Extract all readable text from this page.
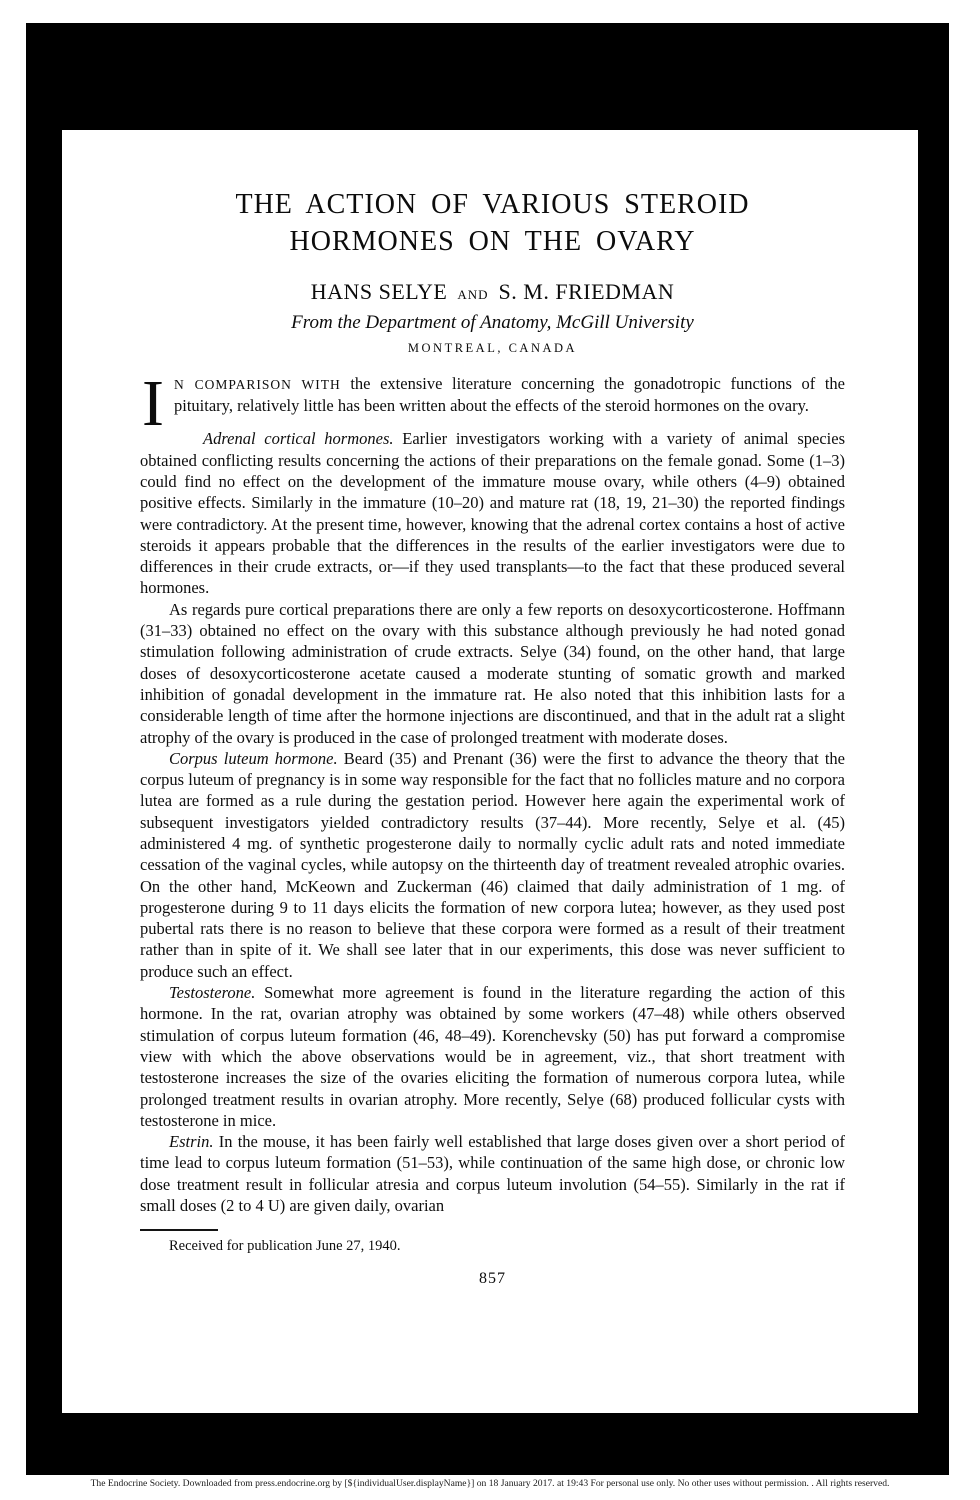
THE ACTION OF VARIOUS STEROID
HORMONES ON THE OVARY
HANS SELYE AND S. M. FRIEDMAN
From the Department of Anatomy, McGill University
MONTREAL, CANADA

I N COMPARISON WITH the extensive literature concerning the gonadotropic functions of the pituitary, relatively little has been written about the effects of the steroid hormones on the ovary.

Adrenal cortical hormones. Earlier investigators working with a variety of animal species obtained conflicting results concerning the actions of their preparations on the female gonad. Some (1–3) could find no effect on the development of the immature mouse ovary, while others (4–9) obtained positive effects. Similarly in the immature (10–20) and mature rat (18, 19, 21–30) the reported findings were contradictory. At the present time, however, knowing that the adrenal cortex contains a host of active steroids it appears probable that the differences in the results of the earlier investigators were due to differences in their crude extracts, or—if they used transplants—to the fact that these produced several hormones.

As regards pure cortical preparations there are only a few reports on desoxycorticosterone. Hoffmann (31–33) obtained no effect on the ovary with this substance although previously he had noted gonad stimulation following administration of crude extracts. Selye (34) found, on the other hand, that large doses of desoxycorticosterone acetate caused a moderate stunting of somatic growth and marked inhibition of gonadal development in the immature rat. He also noted that this inhibition lasts for a considerable length of time after the hormone injections are discontinued, and that in the adult rat a slight atrophy of the ovary is produced in the case of prolonged treatment with moderate doses.

Corpus luteum hormone. Beard (35) and Prenant (36) were the first to advance the theory that the corpus luteum of pregnancy is in some way responsible for the fact that no follicles mature and no corpora lutea are formed as a rule during the gestation period. However here again the experimental work of subsequent investigators yielded contradictory results (37–44). More recently, Selye et al. (45) administered 4 mg. of synthetic progesterone daily to normally cyclic adult rats and noted immediate cessation of the vaginal cycles, while autopsy on the thirteenth day of treatment revealed atrophic ovaries. On the other hand, McKeown and Zuckerman (46) claimed that daily administration of 1 mg. of progesterone during 9 to 11 days elicits the formation of new corpora lutea; however, as they used post pubertal rats there is no reason to believe that these corpora were formed as a result of their treatment rather than in spite of it. We shall see later that in our experiments, this dose was never sufficient to produce such an effect.

Testosterone. Somewhat more agreement is found in the literature regarding the action of this hormone. In the rat, ovarian atrophy was obtained by some workers (47–48) while others observed stimulation of corpus luteum formation (46, 48–49). Korenchevsky (50) has put forward a compromise view with which the above observations would be in agreement, viz., that short treatment with testosterone increases the size of the ovaries eliciting the formation of numerous corpora lutea, while prolonged treatment results in ovarian atrophy. More recently, Selye (68) produced follicular cysts with testosterone in mice.

Estrin. In the mouse, it has been fairly well established that large doses given over a short period of time lead to corpus luteum formation (51–53), while continuation of the same high dose, or chronic low dose treatment result in follicular atresia and corpus luteum involution (54–55). Similarly in the rat if small doses (2 to 4 U) are given daily, ovarian

Received for publication June 27, 1940.
857
The Endocrine Society. Downloaded from press.endocrine.org by [${individualUser.displayName}] on 18 January 2017. at 19:43 For personal use only. No other uses without permission. . All rights reserved.
